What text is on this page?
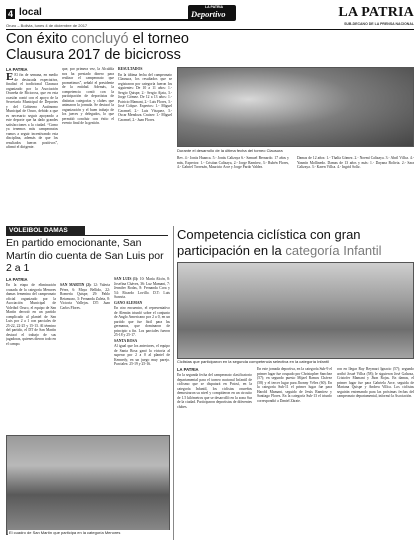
4 local	LA PATRIA
Deportivo
Oruro – Bolivia, lunes 4 de diciembre de 2017
LA PATRIA
SUB-DECANO DE LA PRENSA NACIONAL
Con éxito concluyó el torneo
Clausura 2017 de bicicross
LA PATRIA

E El fin de semana, en medio de destacada expectativa, finalizó el tradicional Clausura organizado por la Asociación Orureña de Bicicross, que en esta ocasión contó con el apoyo de la Secretaría Municipal de Deportes y del Gobierno Autónomo Municipal de Oruro, debido a que es necesario seguir apoyando a este deporte que ha dado grandes satisfacciones a la ciudad. “Como ya tenemos más campeonatos vamos a seguir incentivando esta disciplina, además de que los resultados fueron positivos”, afirmó el dirigente.

que, por primera vez, la Alcaldía nos ha prestado dinero para realizar el campeonato que prometimos”, señaló el presidente de la entidad. Además, la competencia contó con la participación de deportistas de distintas categorías y clubes que animaron la jornada. Se destacó la organización y el buen trabajo de los jueces y delegados, lo que permitió concluir con éxito el evento final de la gestión.

RESULTADOS

En la última fecha del campeonato Clausura, los resultados que se registraron por categoría fueron los siguientes: De 10 a 11 años: 1.- Sergio Quispe, 2.- Sergio Ajata, 3.- Jorge Gómez. De 12 a 13 años: 1.- Patricio Mamani, 2.- Luis Flores, 3.- José Colque. Expertos: 1.- Miguel Caramel, 2.- Luis Vásquez, 3.- Oscar Mendoza. Cruiser: 1.- Miguel Caramel, 2.- Juan Flores.

Durante el desarrollo de la última fecha del torneo Clausura

Rev. 4.- Jonás Huanca. 5.- Jonás Calizaya 6.- Samuel Bernardo. 17 años y más, Expertos: 1.- Cristian Calizaya, 2.- Jorge Ramírez, 3.- Rubén Flores, 4.- Gabriel Torrezán, Mauricio Arce y Jorge Pardo Valdez.

Damas de 12 años: 1.- Thalía Gómez. 2.- Noemí Calizaya. 3.- Abril Villca. 4.- Yasmín Mollinedo. Damas de 13 años y más: 1.- Dayana Bolivia. 2.- Sara Calizaya. 3.- Karen Villca. 4.- Ingrid Solíz.

VOLEIBOL DAMAS
En partido emocionante, San Martín dio cuenta de San Luis por 2 a 1
LA PATRIA

En la etapa de eliminación cruzada de la categoría Menores damas femenina del campeonato oficial organizado por la Asociación Municipal de Voleibol Oruro, el equipo de San Martín derrotó en un partido complicado al plantel de San Luis por 2 a 1 con parciales de 25-22, 22-25 y 15-13. Al término del partido, el DT de San Martín destacó el trabajo de sus jugadoras, quienes dieron todo en el campo.

SAN MARTIN (2): 12: Valeria Pérez, 6: Maya Bellido, 22: Romería Quispe, 29: Pablo Retamozo, 3: Fernanda Zuleta, 8: Victoria Vallejos. DT: Juan Carlos Flores.

SAN LUIS (1): 10: María Alcón, 8: Josefina Chávez, 36: Luz Mamani, 7: Jennifer Rodas, 8: Fernanda Cora y 54: Ricardo Lovillo. D.T: Luis Saravia.

GANO ALEMAN

En otro encuentro, el representativo de Alemán triunfó sobre el conjunto de Anglo Americano por 2 a 0, en un partido que fue fácil para las germanas, que dominaron de principio a fin. Los parciales fueron 25-18 y 25-17.

SANTA ROSA

Al igual que los anteriores, el equipo de Santa Rosa ganó la victoria al superar por 2 a 0 al plantel de Kennedy, en un juego muy parejo. Parciales: 25-19 y 25-16.

El cuadro de San Martín que participa en la categoría Menores
Competencia ciclística con gran
participación en la categoría Infantil
Ciclistas que participaron en la segunda competencia selectiva en la categoría Infantil
LA PATRIA

En la segunda fecha del campeonato clasificatorio departamental para el torneo nacional Infantil de ciclismo que se disputará en Potosí, en la categoría Infantil, los ciclistas orureños demostraron su nivel y compitieron en un circuito de 1.5 kilómetros que se desarrolló en la zona Sur de la ciudad. Participaron deportistas de diferentes clubes.

En este jornada deportiva, en la categoría Sub-9 el primer lugar fue ocupado por Christopher Sanchez (57); en segundo puesto Mijael Ramos Chávez (58) y el tercer lugar para Jhonny Vélez (60). En la categoría Sub-11 el primer lugar fue para Harold Mamani, seguido de Jesús Ramírez y Santiago Flores. En la categoría Sub-13 el triunfo correspondió a Daniel Zárate.

ron en llegar Ray Reymari Ignacio (57); segundo arribó Josué Villca (58); le siguieron José Galarza, Cristofer Mamani y Jhon Rojas. En damas, el primer lugar fue para Gabriela Arce, seguida de Mariana Quispe y Andrea Villca. Los ciclistas seguirán entrenando para las próximas fechas del campeonato departamental, informó la Asociación.
